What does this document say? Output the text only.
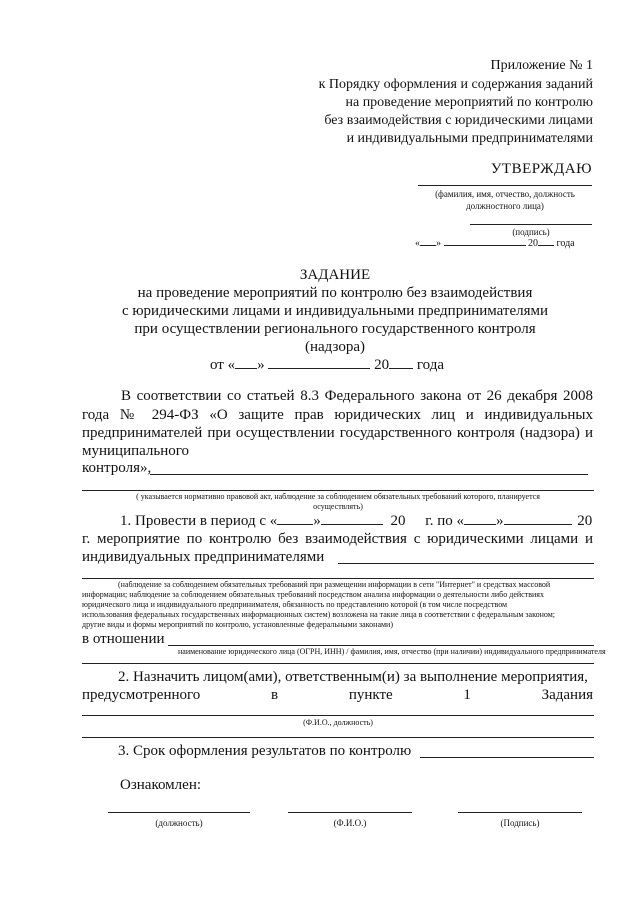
Приложение № 1
к Порядку оформления и содержания заданий
на проведение мероприятий по контролю
без взаимодействия с юридическими лицами
и индивидуальными предпринимателями
УТВЕРЖДАЮ
(фамилия, имя, отчество, должность
должностного лица)
(подпись)
« »	20 года
ЗАДАНИЕ
на проведение мероприятий по контролю без взаимодействия
с юридическими лицами и индивидуальными предпринимателями
при осуществлении регионального государственного контроля
(надзора)
от « »	20 года
В соответствии со статьей 8.3 Федерального закона от 26 декабря 2008
года № 294-ФЗ «О защите прав юридических лиц и индивидуальных
предпринимателей при осуществлении государственного контроля (надзора) и
муниципального
контроля»,
( указывается нормативно правовой акт, наблюдение за соблюдением обязательных требований которого, планируется
осуществлять)
1. Провести в период с « »	20 г. по « »	20
г. мероприятие по контролю без взаимодействия с юридическими лицами и
индивидуальных предпринимателями
(наблюдение за соблюдением обязательных требований при размещении информации в сети "Интернет" и средствах массовой
информации; наблюдение за соблюдением обязательных требований посредством анализа информации о деятельности либо действиях
юридического лица и индивидуального предпринимателя, обязанность по представлению которой (в том числе посредством
использования федеральных государственных информационных систем) возложена на такие лица в соответствии с федеральным законом;
другие виды и формы мероприятий по контролю, установленные федеральными законами)
в отношении
наименование юридического лица (ОГРН, ИНН) / фамилия, имя, отчество (при наличии) индивидуального предпринимателя
2. Назначить лицом(ами), ответственным(и) за выполнение мероприятия,
предусмотренного	в	пункте	1	Задания
(Ф.И.О., должность)
3. Срок оформления результатов по контролю
Ознакомлен:
(должность)	(Ф.И.О.)	(Подпись)
